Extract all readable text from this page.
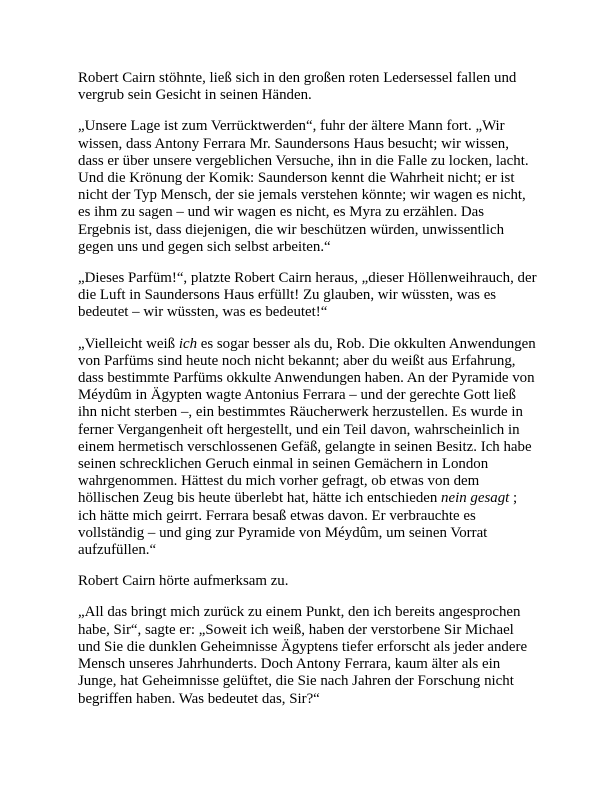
Robert Cairn stöhnte, ließ sich in den großen roten Ledersessel fallen und vergrub sein Gesicht in seinen Händen.

„Unsere Lage ist zum Verrücktwerden“, fuhr der ältere Mann fort. „Wir wissen, dass Antony Ferrara Mr. Saundersons Haus besucht; wir wissen, dass er über unsere vergeblichen Versuche, ihn in die Falle zu locken, lacht. Und die Krönung der Komik: Saunderson kennt die Wahrheit nicht; er ist nicht der Typ Mensch, der sie jemals verstehen könnte; wir wagen es nicht, es ihm zu sagen – und wir wagen es nicht, es Myra zu erzählen. Das Ergebnis ist, dass diejenigen, die wir beschützen würden, unwissentlich gegen uns und gegen sich selbst arbeiten.“

„Dieses Parfüm!“, platzte Robert Cairn heraus, „dieser Höllenweihrauch, der die Luft in Saundersons Haus erfüllt! Zu glauben, wir wüssten, was es bedeutet – wir wüssten, was es bedeutet!“

„Vielleicht weiß ich es sogar besser als du, Rob. Die okkulten Anwendungen von Parfüms sind heute noch nicht bekannt; aber du weißt aus Erfahrung, dass bestimmte Parfüms okkulte Anwendungen haben. An der Pyramide von Méydûm in Ägypten wagte Antonius Ferrara – und der gerechte Gott ließ ihn nicht sterben –, ein bestimmtes Räucherwerk herzustellen. Es wurde in ferner Vergangenheit oft hergestellt, und ein Teil davon, wahrscheinlich in einem hermetisch verschlossenen Gefäß, gelangte in seinen Besitz. Ich habe seinen schrecklichen Geruch einmal in seinen Gemächern in London wahrgenommen. Hättest du mich vorher gefragt, ob etwas von dem höllischen Zeug bis heute überlebt hat, hätte ich entschieden nein gesagt ; ich hätte mich geirrt. Ferrara besaß etwas davon. Er verbrauchte es vollständig – und ging zur Pyramide von Méydûm, um seinen Vorrat aufzufüllen.“

Robert Cairn hörte aufmerksam zu.

„All das bringt mich zurück zu einem Punkt, den ich bereits angesprochen habe, Sir“, sagte er: „Soweit ich weiß, haben der verstorbene Sir Michael und Sie die dunklen Geheimnisse Ägyptens tiefer erforscht als jeder andere Mensch unseres Jahrhunderts. Doch Antony Ferrara, kaum älter als ein Junge, hat Geheimnisse gelüftet, die Sie nach Jahren der Forschung nicht begriffen haben. Was bedeutet das, Sir?“
